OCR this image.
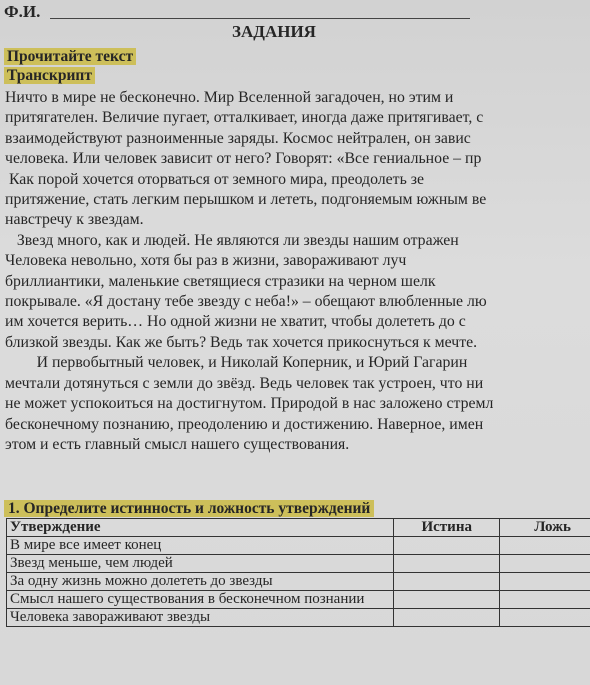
Ф.И.
ЗАДАНИЯ
Прочитайте текст
Транскрипт

Ничто в мире не бесконечно. Мир Вселенной загадочен, но этим и

притягателен. Величие пугает, отталкивает, иногда даже притягивает, с

взаимодействуют разноименные заряды. Космос нейтрален, он завис

человека. Или человек зависит от него? Говорят: «Все гениальное – пр

Как порой хочется оторваться от земного мира, преодолеть зе

притяжение, стать легким перышком и лететь, подгоняемым южным ве

навстречу к звездам.

Звезд много, как и людей. Не являются ли звезды нашим отражен

Человека невольно, хотя бы раз в жизни, завораживают луч

бриллиантики, маленькие светящиеся стразики на черном шелк

покрывале. «Я достану тебе звезду с неба!» – обещают влюбленные лю

им хочется верить… Но одной жизни не хватит, чтобы долететь до с

близкой звезды. Как же быть? Ведь так хочется прикоснуться к мечте.

И первобытный человек, и Николай Коперник, и Юрий Гагарин

мечтали дотянуться с земли до звёзд. Ведь человек так устроен, что ни

не может успокоиться на достигнутом. Природой в нас заложено стремл

бесконечному познанию, преодолению и достижению. Наверное, имен

этом и есть главный смысл нашего существования.

1. Определите истинность и ложность утверждений
Утверждение	Истина	Ложь
В мире все имеет конец		
Звезд меньше, чем людей		
За одну жизнь можно долететь до звезды		
Смысл нашего существования в бесконечном познании		
Человека завораживают звезды		
